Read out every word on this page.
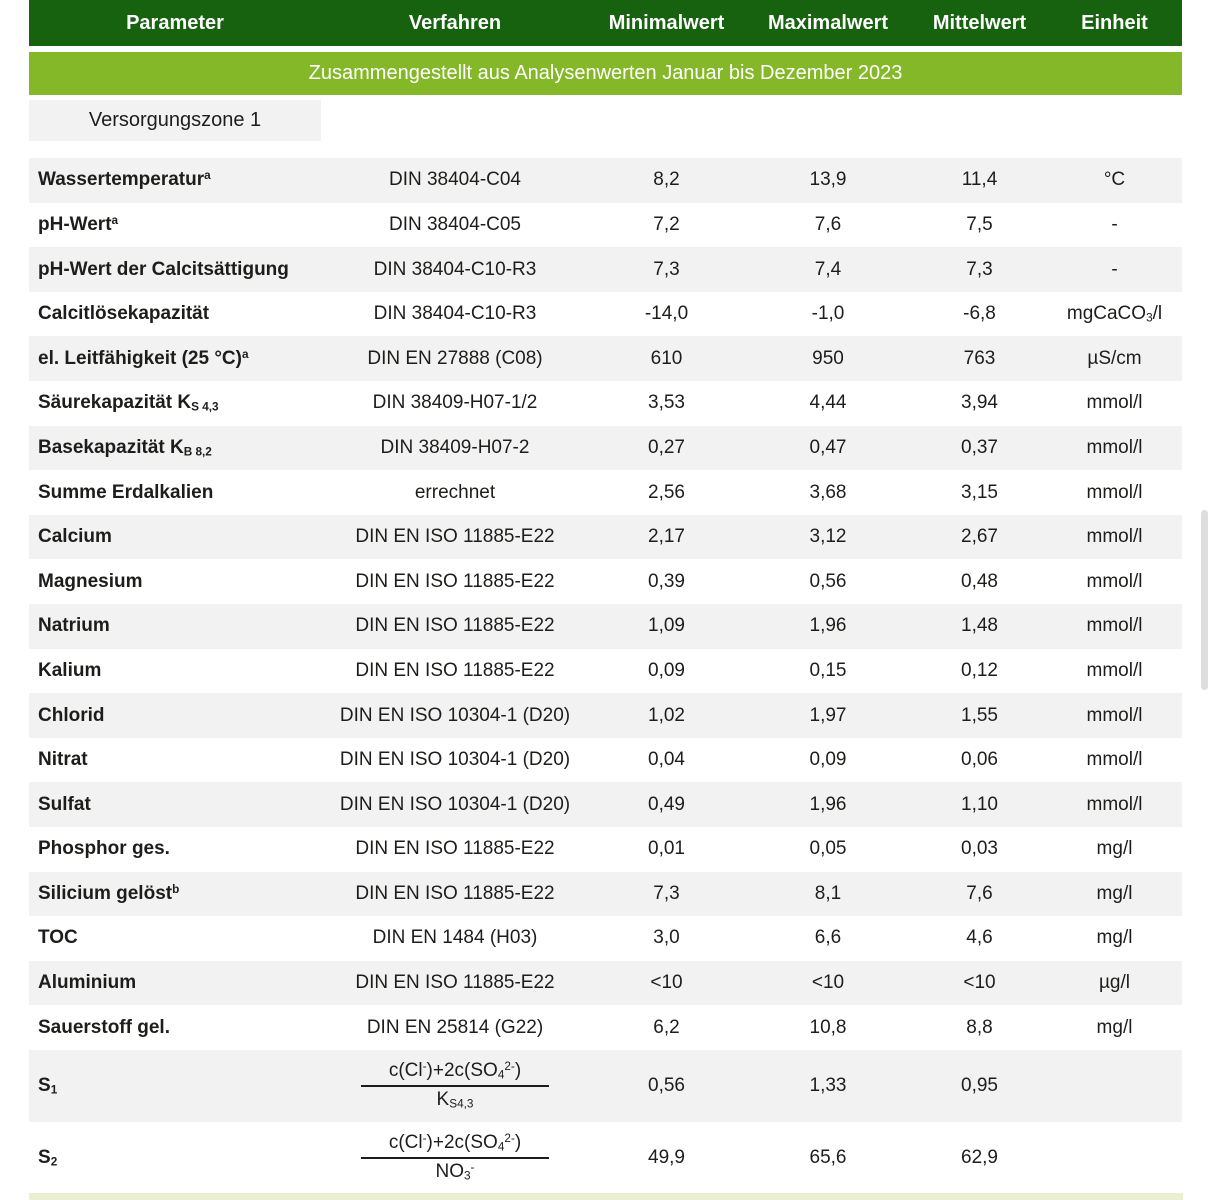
Parameter	Verfahren	Minimalwert	Maximalwert	Mittelwert	Einheit
Zusammengestellt aus Analysenwerten Januar bis Dezember 2023
Versorgungszone 1
Wassertemperatur$^a$	DIN 38404-C04	8,2	13,9	11,4	°C
pH-Wert$^a$	DIN 38404-C05	7,2	7,6	7,5	-
pH-Wert der Calcitsättigung	DIN 38404-C10-R3	7,3	7,4	7,3	-
Calcitlösekapazität	DIN 38404-C10-R3	-14,0	-1,0	-6,8	mgCaCO$_3$/l
el. Leitfähigkeit (25 °C)$^a$	DIN EN 27888 (C08)	610	950	763	µS/cm
Säurekapazität $K_{S 4,3}$	DIN 38409-H07-1/2	3,53	4,44	3,94	mmol/l
Basekapazität $K_{B 8,2}$	DIN 38409-H07-2	0,27	0,47	0,37	mmol/l
Summe Erdalkalien	errechnet	2,56	3,68	3,15	mmol/l
Calcium	DIN EN ISO 11885-E22	2,17	3,12	2,67	mmol/l
Magnesium	DIN EN ISO 11885-E22	0,39	0,56	0,48	mmol/l
Natrium	DIN EN ISO 11885-E22	1,09	1,96	1,48	mmol/l
Kalium	DIN EN ISO 11885-E22	0,09	0,15	0,12	mmol/l
Chlorid	DIN EN ISO 10304-1 (D20)	1,02	1,97	1,55	mmol/l
Nitrat	DIN EN ISO 10304-1 (D20)	0,04	0,09	0,06	mmol/l
Sulfat	DIN EN ISO 10304-1 (D20)	0,49	1,96	1,10	mmol/l
Phosphor ges.	DIN EN ISO 11885-E22	0,01	0,05	0,03	mg/l
Silicium gelöst$^b$	DIN EN ISO 11885-E22	7,3	8,1	7,6	mg/l
TOC	DIN EN 1484 (H03)	3,0	6,6	4,6	mg/l
Aluminium	DIN EN ISO 11885-E22	<10	<10	<10	µg/l
Sauerstoff gel.	DIN EN 25814 (G22)	6,2	10,8	8,8	mg/l
$S_1$	$\frac{c(Cl^-)+2c(SO_4^{2-})}{K_{S4,3}}$	0,56	1,33	0,95
$S_2$	$\frac{c(Cl^-)+2c(SO_4^{2-})}{NO_3^-}$	49,9	65,6	62,9
